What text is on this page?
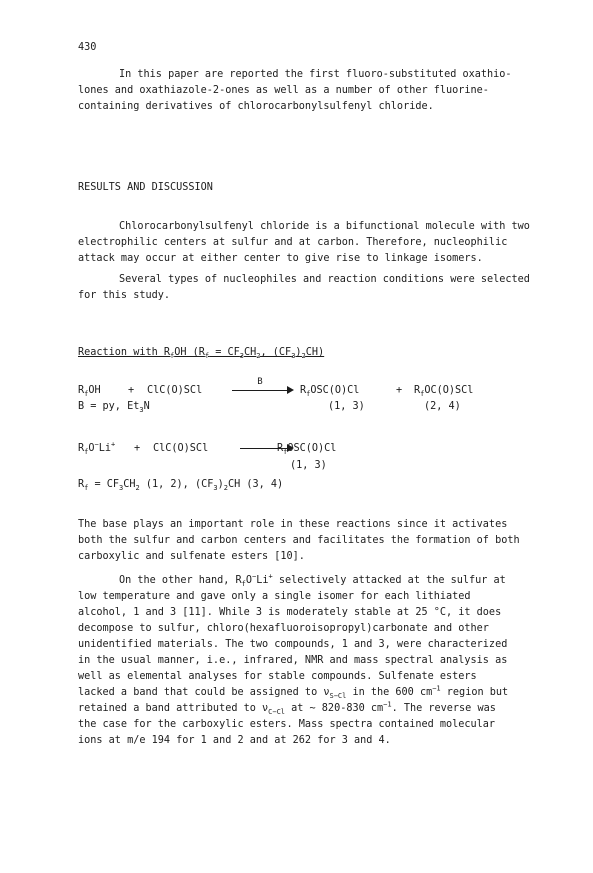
430
In this paper are reported the first fluoro-substituted oxathio-
lones and oxathiazole-2-ones as well as a number of other fluorine-
containing derivatives of chlorocarbonylsulfenyl chloride.
RESULTS AND DISCUSSION
Chlorocarbonylsulfenyl chloride is a bifunctional molecule with two
electrophilic centers at sulfur and at carbon. Therefore, nucleophilic
attack may occur at either center to give rise to linkage isomers.
Several types of nucleophiles and reaction conditions were selected
for this study.
Reaction with $R_fOH$ ($R_f = CF_3CH_2$, $(CF_3)_2CH$)
$R_fOH$	+ ClC(O)SCl
B
$R_fOSC(O)Cl$	+ $R_fOC(O)SCl$
B = py, $Et_3N$	(1, 3)	(2, 4)
$R_fO^-Li^+ + ClC(O)SCl$	$R_fOSC(O)Cl$
(1, 3)
$R_f = CF_3CH_2$ (1, 2), $(CF_3)_2CH$ (3, 4)
The base plays an important role in these reactions since it activates
both the sulfur and carbon centers and facilitates the formation of both
carboxylic and sulfenate esters [10].
On the other hand, $R_fO^-Li^+$ selectively attacked at the sulfur at
low temperature and gave only a single isomer for each lithiated
alcohol, 1 and 3 [11]. While 3 is moderately stable at 25 °C, it does
decompose to sulfur, chloro(hexafluoroisopropyl)carbonate and other
unidentified materials. The two compounds, 1 and 3, were characterized
in the usual manner, i.e., infrared, NMR and mass spectral analysis as
well as elemental analyses for stable compounds. Sulfenate esters
lacked a band that could be assigned to $\nu_{S-Cl}$ in the 600 $cm^{-1}$ region but
retained a band attributed to $\nu_{C-Cl}$ at ~ 820-830 $cm^{-1}$. The reverse was
the case for the carboxylic esters. Mass spectra contained molecular
ions at m/e 194 for 1 and 2 and at 262 for 3 and 4.
